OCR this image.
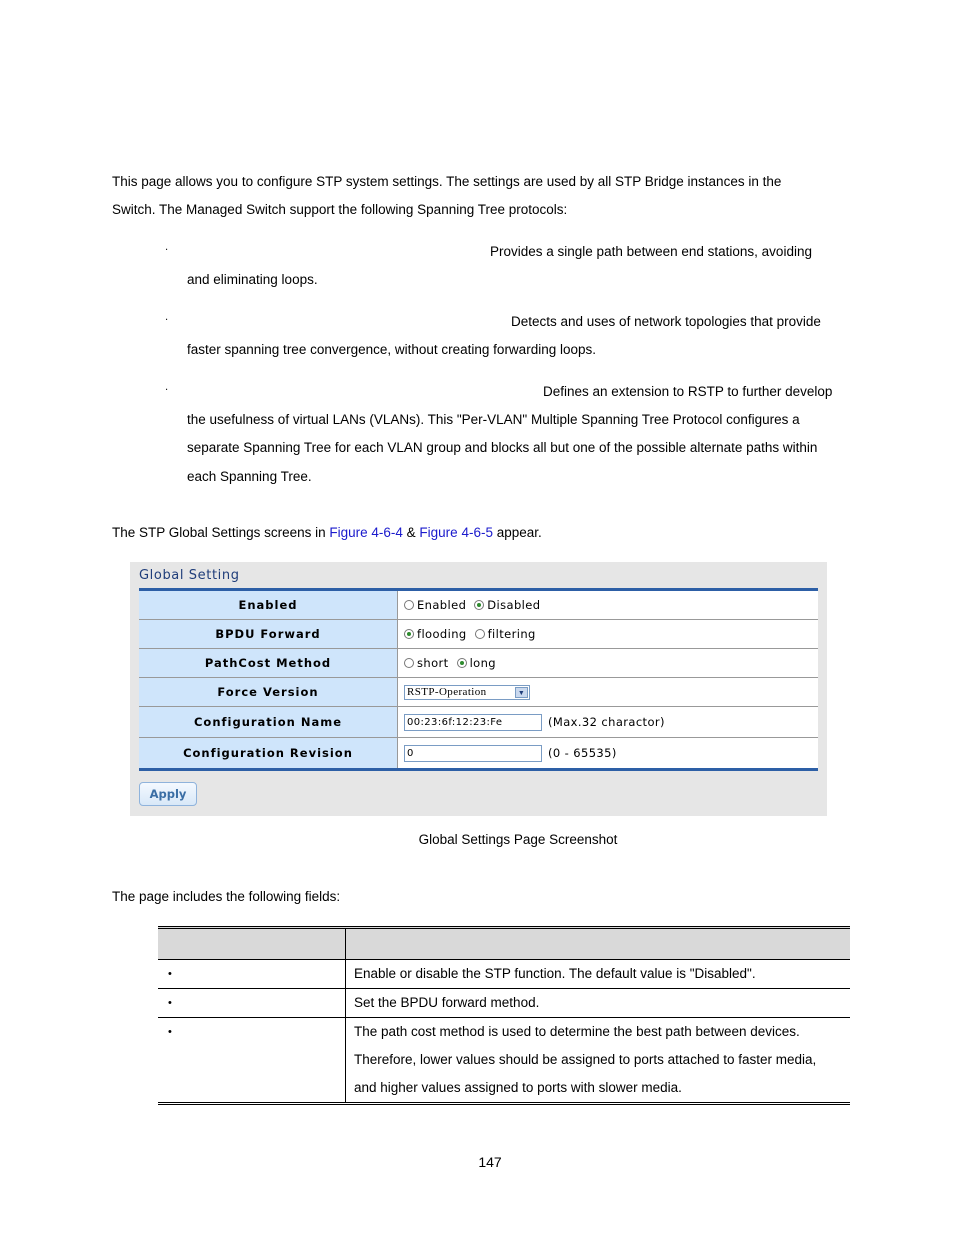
This page allows you to configure STP system settings. The settings are used by all STP Bridge instances in the
Switch. The Managed Switch support the following Spanning Tree protocols:
‧	Provides a single path between end stations, avoiding
and eliminating loops.
‧	Detects and uses of network topologies that provide
faster spanning tree convergence, without creating forwarding loops.
‧	Defines an extension to RSTP to further develop
the usefulness of virtual LANs (VLANs). This "Per-VLAN" Multiple Spanning Tree Protocol configures a
separate Spanning Tree for each VLAN group and blocks all but one of the possible alternate paths within
each Spanning Tree.
The STP Global Settings screens in Figure 4-6-4 & Figure 4-6-5 appear.
Global Setting
Enabled	Enabled Disabled
BPDU Forward	flooding filtering
PathCost Method	short long
Force Version	RSTP-Operation	▼
Configuration Name	00:23:6f:12:23:Fe	(Max.32 charactor)
Configuration Revision	0	(0 - 65535)
Apply
Global Settings Page Screenshot
The page includes the following fields:
•	Enable or disable the STP function. The default value is "Disabled".
•	Set the BPDU forward method.
•	The path cost method is used to determine the best path between devices.
Therefore, lower values should be assigned to ports attached to faster media,
and higher values assigned to ports with slower media.
147
